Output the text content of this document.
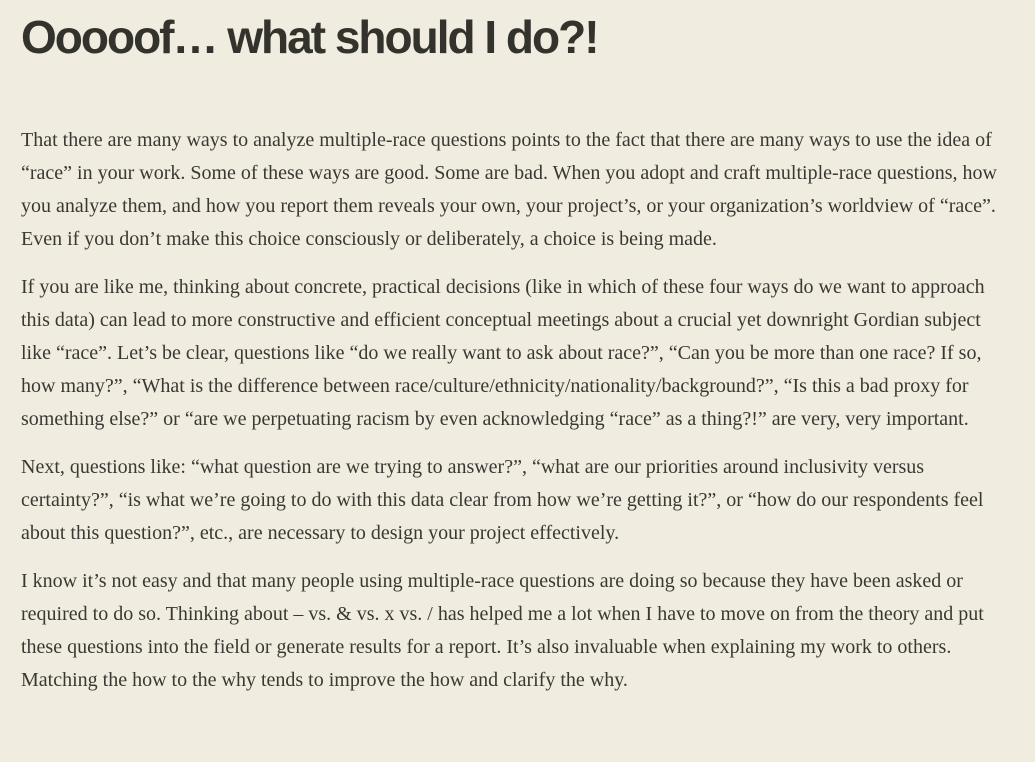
Ooooof… what should I do?!

That there are many ways to analyze multiple-race questions points to the fact that there are many ways to use the idea of “race” in your work. Some of these ways are good. Some are bad. When you adopt and craft multiple-race questions, how you analyze them, and how you report them reveals your own, your project’s, or your organization’s worldview of “race”. Even if you don’t make this choice consciously or deliberately, a choice is being made.

If you are like me, thinking about concrete, practical decisions (like in which of these four ways do we want to approach this data) can lead to more constructive and efficient conceptual meetings about a crucial yet downright Gordian subject like “race”. Let’s be clear, questions like “do we really want to ask about race?”, “Can you be more than one race? If so, how many?”, “What is the difference between race/culture/ethnicity/nationality/background?”, “Is this a bad proxy for something else?” or “are we perpetuating racism by even acknowledging “race” as a thing?!” are very, very important.

Next, questions like: “what question are we trying to answer?”, “what are our priorities around inclusivity versus certainty?”, “is what we’re going to do with this data clear from how we’re getting it?”, or “how do our respondents feel about this question?”, etc., are necessary to design your project effectively.

I know it’s not easy and that many people using multiple-race questions are doing so because they have been asked or required to do so. Thinking about – vs. & vs. x vs. / has helped me a lot when I have to move on from the theory and put these questions into the field or generate results for a report. It’s also invaluable when explaining my work to others. Matching the how to the why tends to improve the how and clarify the why.
